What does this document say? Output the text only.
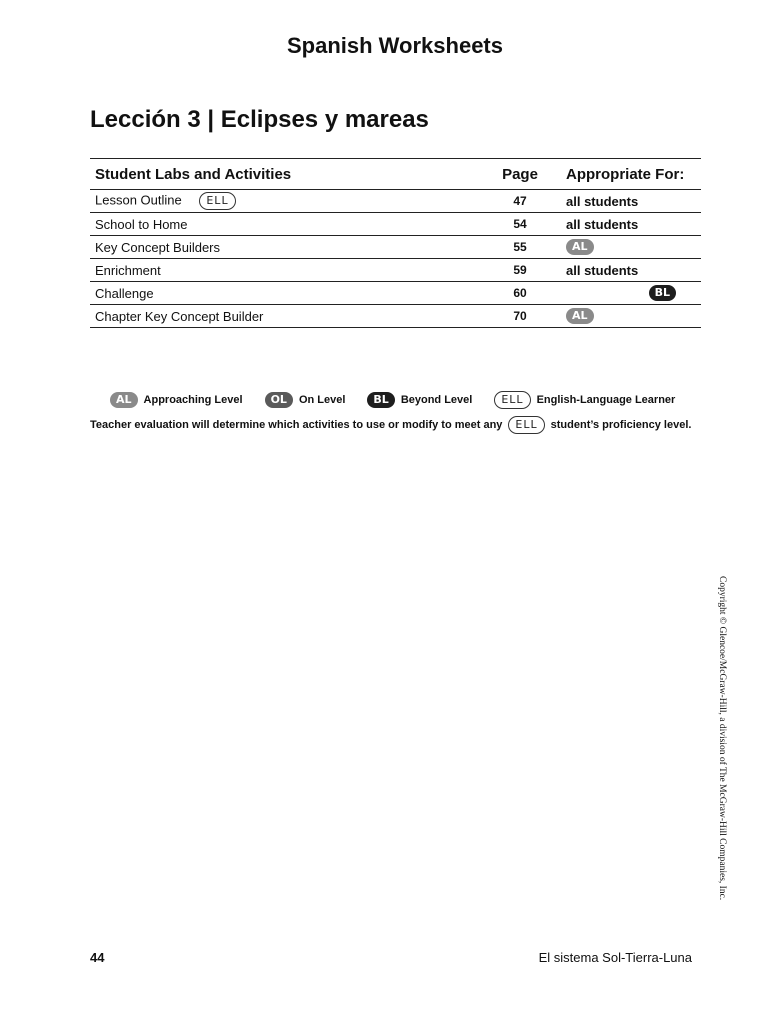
Spanish Worksheets
Lección 3 | Eclipses y mareas
Student Labs and Activities	Page	Appropriate For:
Lesson Outline ELL	47	all students
School to Home	54	all students
Key Concept Builders	55	AL
Enrichment	59	all students
Challenge	60	BL

Chapter Key Concept Builder	70	AL
AL	Approaching Level	OL	On Level	BL	Beyond Level	ELL	English-Language Learner
Teacher evaluation will determine which activities to use or modify to meet any	ELL	student’s proficiency level.
Copyright © Glencoe/McGraw-Hill, a division of The McGraw-Hill Companies, Inc.
44	El sistema Sol-Tierra-Luna
